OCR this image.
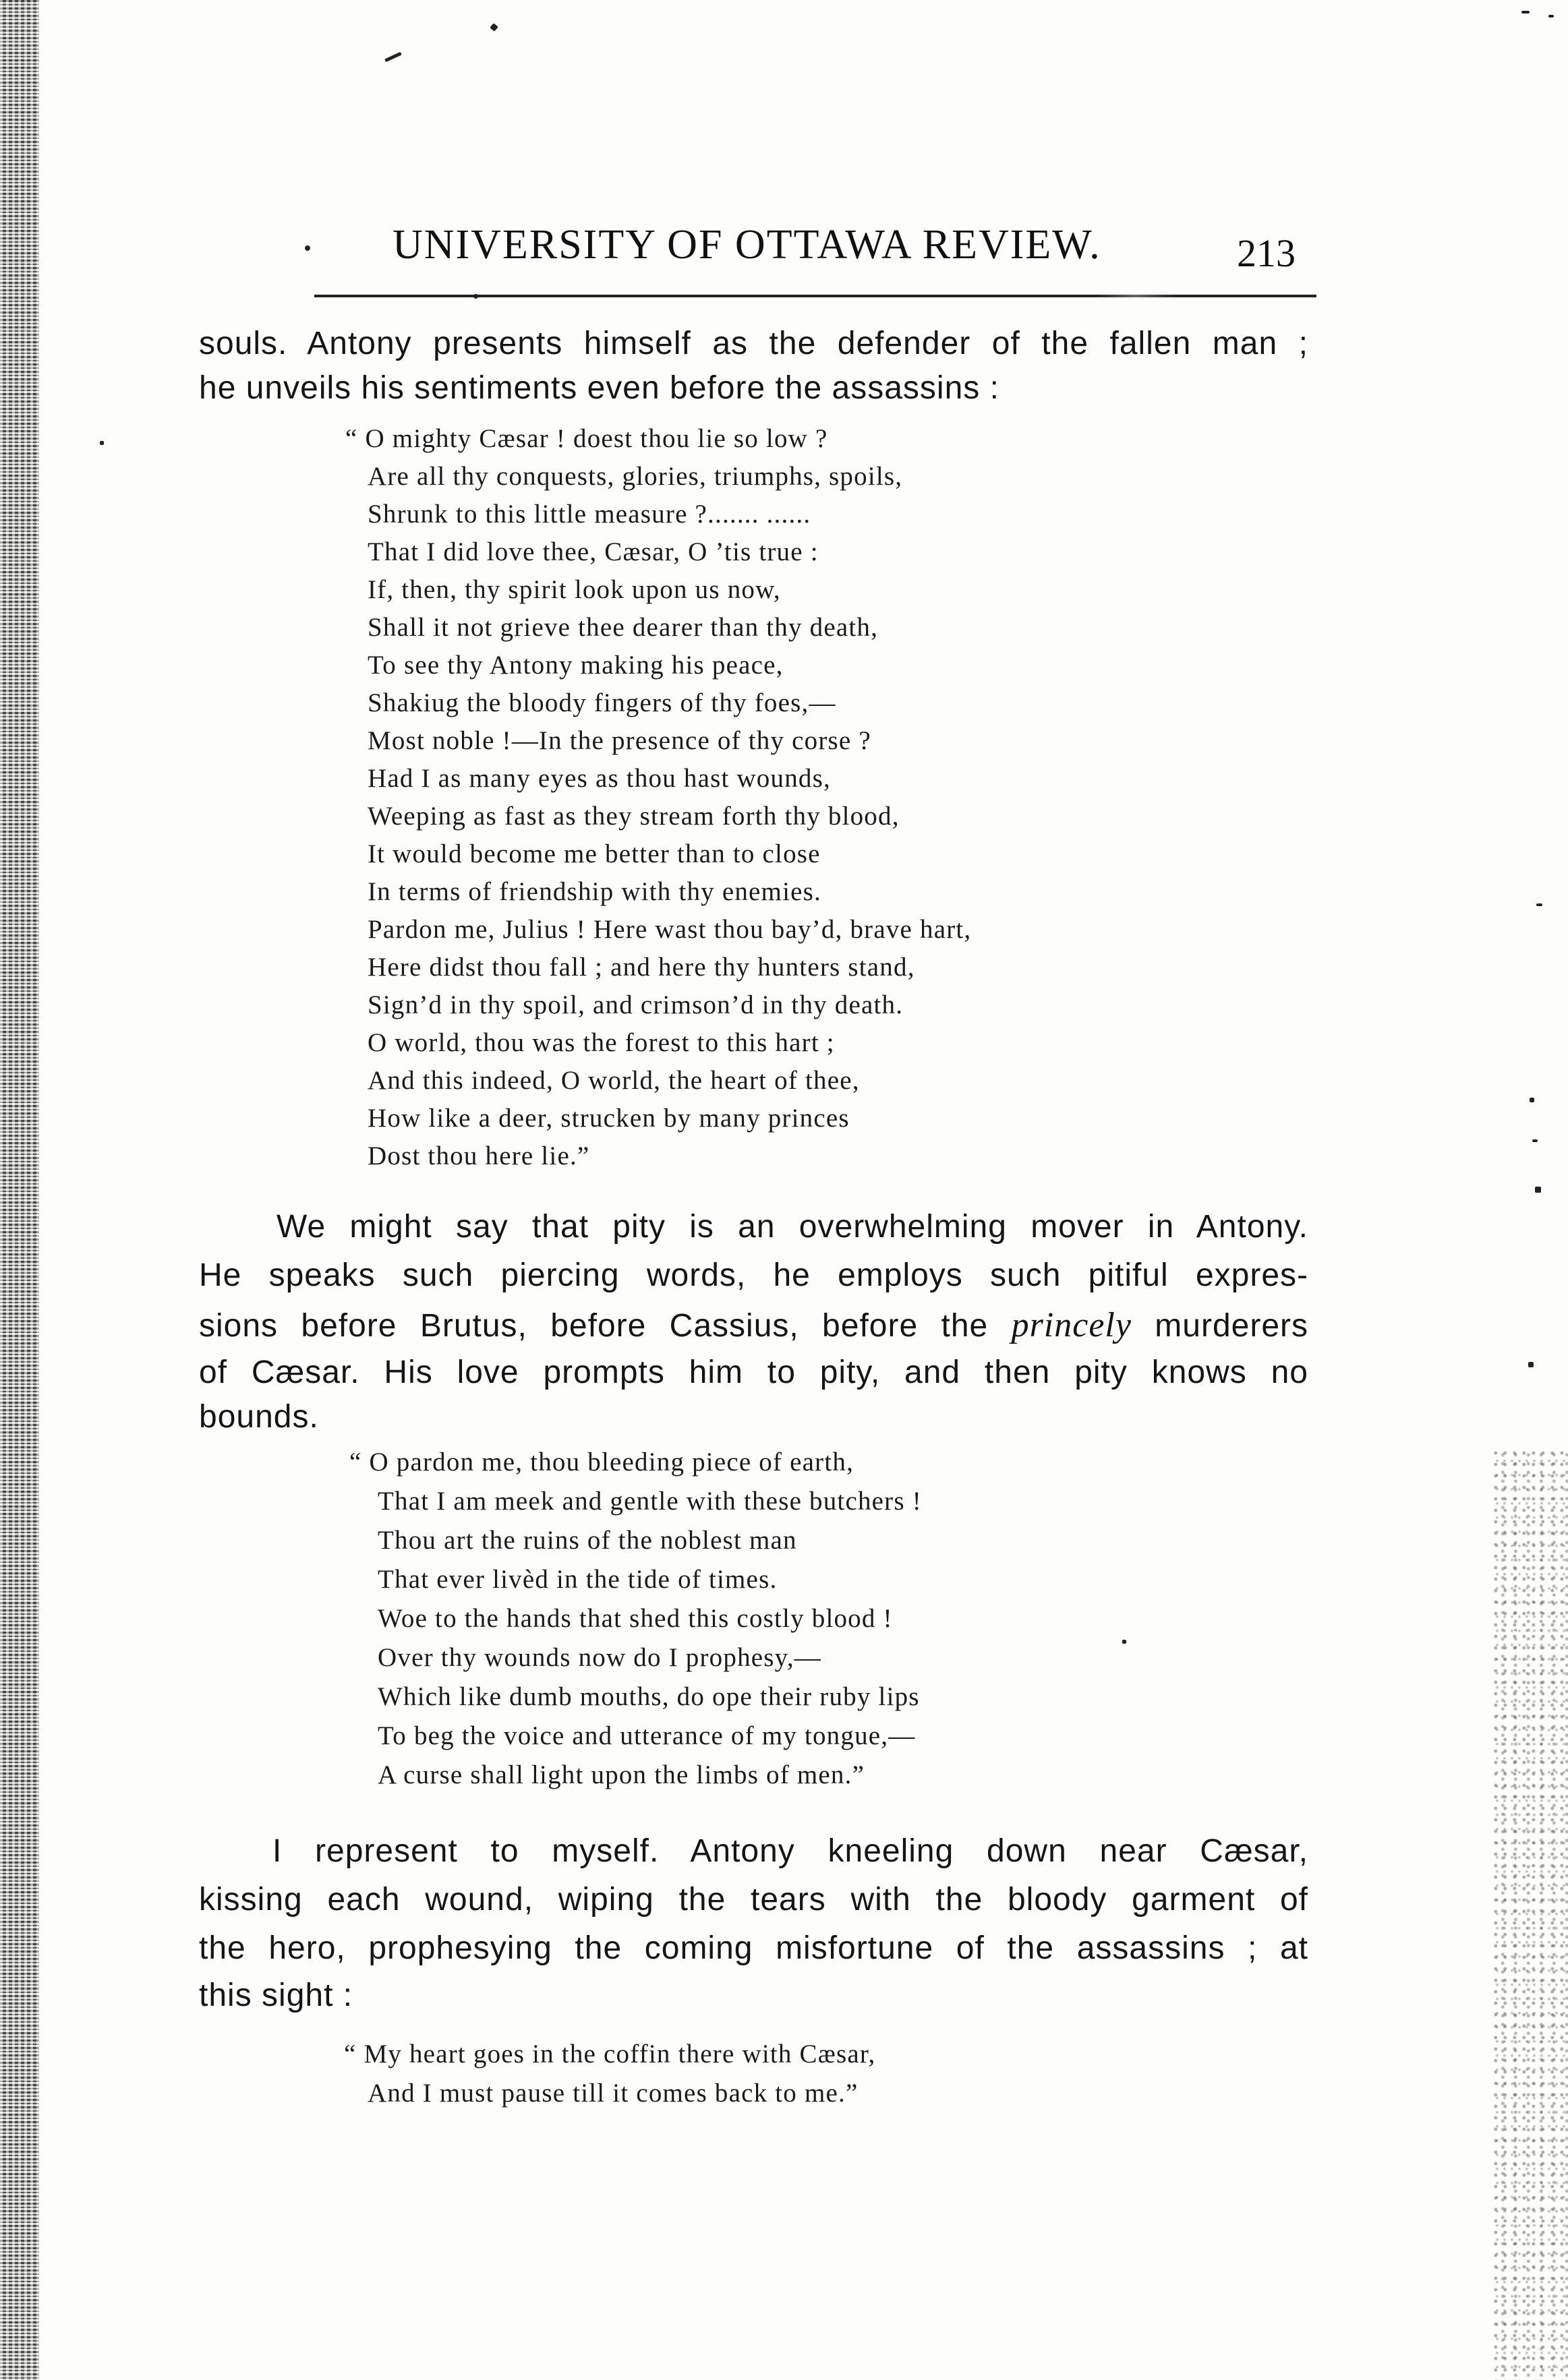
UNIVERSITY OF OTTAWA REVIEW.	213
souls. Antony presents himself as the defender of the fallen man ;
he unveils his sentiments even before the assassins :
“ O mighty Cæsar ! doest thou lie so low ?
Are all thy conquests, glories, triumphs, spoils,
Shrunk to this little measure ?....... ......
That I did love thee, Cæsar, O ’tis true :
If, then, thy spirit look upon us now,
Shall it not grieve thee dearer than thy death,
To see thy Antony making his peace,
Shakiug the bloody fingers of thy foes,—
Most noble !—In the presence of thy corse ?
Had I as many eyes as thou hast wounds,
Weeping as fast as they stream forth thy blood,
It would become me better than to close
In terms of friendship with thy enemies.
Pardon me, Julius ! Here wast thou bay’d, brave hart,
Here didst thou fall ; and here thy hunters stand,
Sign’d in thy spoil, and crimson’d in thy death.
O world, thou was the forest to this hart ;
And this indeed, O world, the heart of thee,
How like a deer, strucken by many princes
Dost thou here lie.”
We might say that pity is an overwhelming mover in Antony.
He speaks such piercing words, he employs such pitiful expres-
sions before Brutus, before Cassius, before the princely murderers
of Cæsar. His love prompts him to pity, and then pity knows no
bounds.
“ O pardon me, thou bleeding piece of earth,
That I am meek and gentle with these butchers !
Thou art the ruins of the noblest man
That ever livèd in the tide of times.
Woe to the hands that shed this costly blood !
Over thy wounds now do I prophesy,—
Which like dumb mouths, do ope their ruby lips
To beg the voice and utterance of my tongue,—
A curse shall light upon the limbs of men.”
I represent to myself. Antony kneeling down near Cæsar,
kissing each wound, wiping the tears with the bloody garment of
the hero, prophesying the coming misfortune of the assassins ; at
this sight :
“ My heart goes in the coffin there with Cæsar,
And I must pause till it comes back to me.”
